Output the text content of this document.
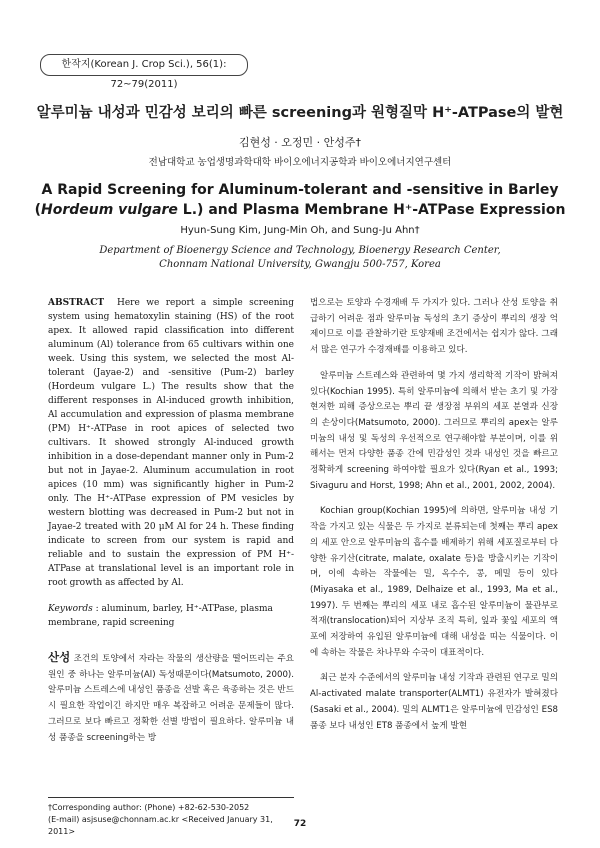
한작지(Korean J. Crop Sci.), 56(1): 72~79(2011)
알루미늄 내성과 민감성 보리의 빠른 screening과 원형질막 H⁺-ATPase의 발현
김현성 · 오정민 · 안성주†
전남대학교 농업생명과학대학 바이오에너지공학과 바이오에너지연구센터
A Rapid Screening for Aluminum-tolerant and -sensitive in Barley
(Hordeum vulgare L.) and Plasma Membrane H⁺-ATPase Expression
Hyun-Sung Kim, Jung-Min Oh, and Sung-Ju Ahn†
Department of Bioenergy Science and Technology, Bioenergy Research Center,
Chonnam National University, Gwangju 500-757, Korea
ABSTRACT Here we report a simple screening system using hematoxylin staining (HS) of the root apex. It allowed rapid classification into different aluminum (Al) tolerance from 65 cultivars within one week. Using this system, we selected the most Al-tolerant (Jayae-2) and -sensitive (Pum-2) barley (Hordeum vulgare L.) The results show that the different responses in Al-induced growth inhibition, Al accumulation and expression of plasma membrane (PM) H⁺-ATPase in root apices of selected two cultivars. It showed strongly Al-induced growth inhibition in a dose-dependant manner only in Pum-2 but not in Jayae-2. Aluminum accumulation in root apices (10 mm) was significantly higher in Pum-2 only. The H⁺-ATPase expression of PM vesicles by western blotting was decreased in Pum-2 but not in Jayae-2 treated with 20 μM Al for 24 h. These finding indicate to screen from our system is rapid and reliable and to sustain the expression of PM H⁺-ATPase at translational level is an important role in root growth as affected by Al.
Keywords : aluminum, barley, H⁺-ATPase, plasma membrane, rapid screening

산성 조건의 토양에서 자라는 작물의 생산량을 떨어뜨리는 주요 원인 중 하나는 알루미늄(Al) 독성때문이다(Matsumoto, 2000). 알루미늄 스트레스에 내성인 품종을 선발 혹은 육종하는 것은 반드시 필요한 작업이긴 하지만 매우 복잡하고 어려운 문제들이 많다. 그러므로 보다 빠르고 정확한 선별 방법이 필요하다. 알루미늄 내성 품종을 screening하는 방

법으로는 토양과 수경재배 두 가지가 있다. 그러나 산성 토양을 취급하기 어려운 점과 알루미늄 독성의 초기 증상이 뿌리의 생장 억제이므로 이를 관찰하기란 토양재배 조건에서는 쉽지가 않다. 그래서 많은 연구가 수경재배를 이용하고 있다.

알루미늄 스트레스와 관련하여 몇 가지 생리학적 기작이 밝혀져 있다(Kochian 1995). 특히 알루미늄에 의해서 받는 초기 및 가장 현저한 피해 증상으로는 뿌리 끝 생장점 부위의 세포 분열과 신장의 손상이다(Matsumoto, 2000). 그러므로 뿌리의 apex는 알루미늄의 내성 및 독성의 우선적으로 연구해야할 부분이며, 이를 위해서는 먼저 다양한 품종 간에 민감성인 것과 내성인 것을 빠르고 정확하게 screening 하여야할 필요가 있다(Ryan et al., 1993; Sivaguru and Horst, 1998; Ahn et al., 2001, 2002, 2004).

Kochian group(Kochian 1995)에 의하면, 알루미늄 내성 기작을 가지고 있는 식물은 두 가지로 분류되는데 첫째는 뿌리 apex의 세포 안으로 알루미늄의 흡수를 배제하기 위해 세포질로부터 다양한 유기산(citrate, malate, oxalate 등)을 방출시키는 기작이며, 이에 속하는 작물에는 밀, 옥수수, 콩, 메밀 등이 있다(Miyasaka et al., 1989, Delhaize et al., 1993, Ma et al., 1997). 두 번째는 뿌리의 세포 내로 흡수된 알루미늄이 물관부로 적재(translocation)되어 지상부 조직 특히, 잎과 꽃잎 세포의 액포에 저장하여 유입된 알루미늄에 대해 내성을 띠는 식물이다. 이에 속하는 작물은 차나무와 수국이 대표적이다.

최근 분자 수준에서의 알루미늄 내성 기작과 관련된 연구로 밀의 Al-activated malate transporter(ALMT1) 유전자가 발혀졌다(Sasaki et al., 2004). 밀의 ALMT1은 알루미늄에 민감성인 ES8 품종 보다 내성인 ET8 품종에서 높게 발현

†Corresponding author: (Phone) +82-62-530-2052
(E-mail) asjsuse@chonnam.ac.kr <Received January 31, 2011>
72
